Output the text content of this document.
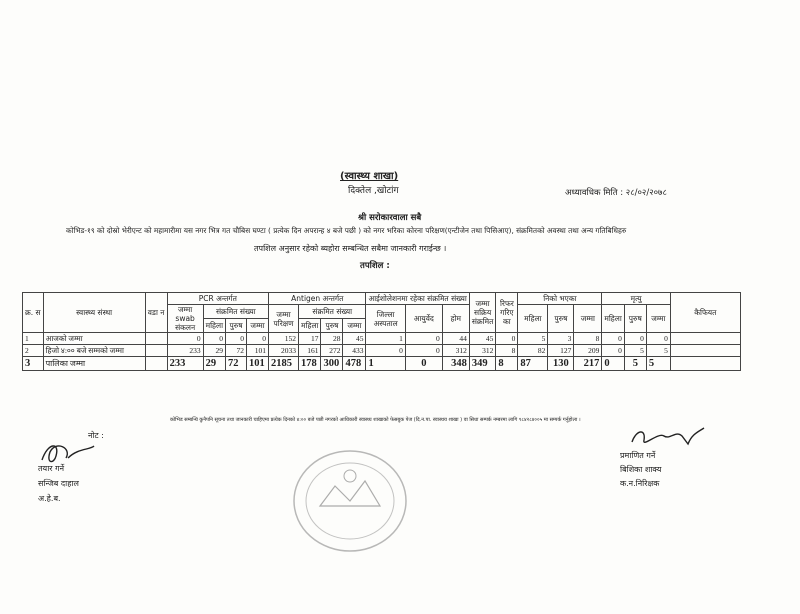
(स्वास्थ्य शाखा)
दिक्तेल ,खोटांग	अध्यावधिक मिति : २८/०२/२०७८
श्री सरोकारवाला सबै
कोभिड-१९ को दोस्रो भेरीएन्ट को महामारीमा यस नगर भित्र गत चौबिस घण्टा ( प्रत्येक दिन अपरान्ह ४ बजे पछी ) को नगर भरिका कोरना परिक्षण(एन्टीजेन तथा पिसिआए), संक्रमितको अवस्था तथा अन्य गतिबिधिहरु
तपशिल अनुसार रहेको ब्यहोरा सम्बन्धित सबैमा जानकारी गराईन्छ ।
तपशिल :
क्र. स	स्वास्थ्य संस्था	वडा न	PCR अन्तर्गत				Antigen अन्तर्गत				आईशोलेशनमा रहेका संक्रमित संख्या			जम्मा सक्रिय संक्रमित	रिफर गरिए का	निको भएका			मृत्यु			कैफियत
			जम्मा swab संकलन	संक्रमित संख्या			जम्मा परिक्षण	संक्रमित संख्या			जिल्ला अस्पताल	आयुर्वेद	होम			महिला	पुरुष	जम्मा	महिला	पुरुष	जम्मा	
				महिला	पुरुष	जम्मा		महिला	पुरुष	जम्मा												
1	आजको जम्मा		0	0	0	0	152	17	28	45	1	0	44	45	0	5	3	8	0	0	0	
2	हिजो ४:०० बजे सम्मको जम्मा		233	29	72	101	2033	161	272	433	0	0	312	312	8	82	127	209	0	5	5	
3	पालिका जम्मा		233	29	72	101	2185	178	300	478	1	0	348	349	8	87	130	217	0	5	5	
नोट :
कोभिड सम्बन्धि कुनैपनि सूचना तथा जानकारी चाहिएमा प्रत्येक दिनको ४:०० बजे पछी नगरको आधिकारी स्वास्थ्य शाखाको फेसबुक पेज (दि.न.पा. स्वास्थय शाखा ) वा सिधा सम्पर्क नम्बरमा लागि ९८४२८४००५ मा सम्पर्क गर्नुहोला ।
तयार गर्ने
सन्जिब दाहाल
अ.हे.ब.
प्रमाणित गर्ने
बिशिका शाक्य
क.न.निरिक्षक
